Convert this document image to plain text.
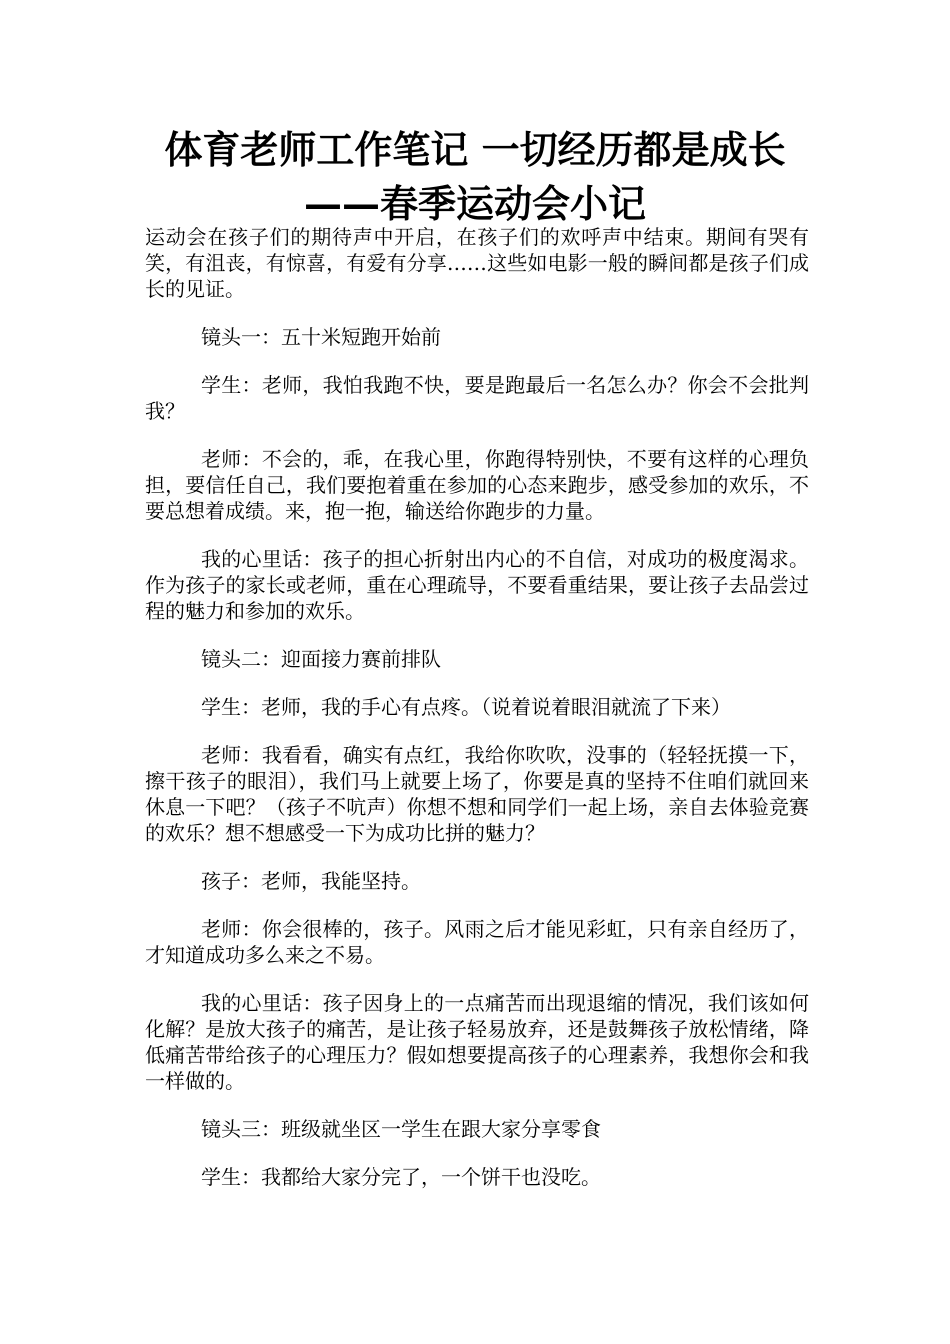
体育老师工作笔记 一切经历都是成长
——春季运动会小记

运动会在孩子们的期待声中开启，在孩子们的欢呼声中结束。期间有哭有笑，有沮丧，有惊喜，有爱有分享……这些如电影一般的瞬间都是孩子们成长的见证。

镜头一：五十米短跑开始前

学生：老师，我怕我跑不快，要是跑最后一名怎么办？你会不会批判我？

老师：不会的，乖，在我心里，你跑得特别快，不要有这样的心理负担，要信任自己，我们要抱着重在参加的心态来跑步，感受参加的欢乐，不要总想着成绩。来，抱一抱，输送给你跑步的力量。

我的心里话：孩子的担心折射出内心的不自信，对成功的极度渴求。作为孩子的家长或老师，重在心理疏导，不要看重结果，要让孩子去品尝过程的魅力和参加的欢乐。

镜头二：迎面接力赛前排队

学生：老师，我的手心有点疼。（说着说着眼泪就流了下来）

老师：我看看，确实有点红，我给你吹吹，没事的（轻轻抚摸一下，擦干孩子的眼泪），我们马上就要上场了，你要是真的坚持不住咱们就回来休息一下吧？（孩子不吭声）你想不想和同学们一起上场，亲自去体验竞赛的欢乐？想不想感受一下为成功比拼的魅力？

孩子：老师，我能坚持。

老师：你会很棒的，孩子。风雨之后才能见彩虹，只有亲自经历了，才知道成功多么来之不易。

我的心里话：孩子因身上的一点痛苦而出现退缩的情况，我们该如何化解？是放大孩子的痛苦，是让孩子轻易放弃，还是鼓舞孩子放松情绪，降低痛苦带给孩子的心理压力？假如想要提高孩子的心理素养，我想你会和我一样做的。

镜头三：班级就坐区一学生在跟大家分享零食

学生：我都给大家分完了，一个饼干也没吃。
